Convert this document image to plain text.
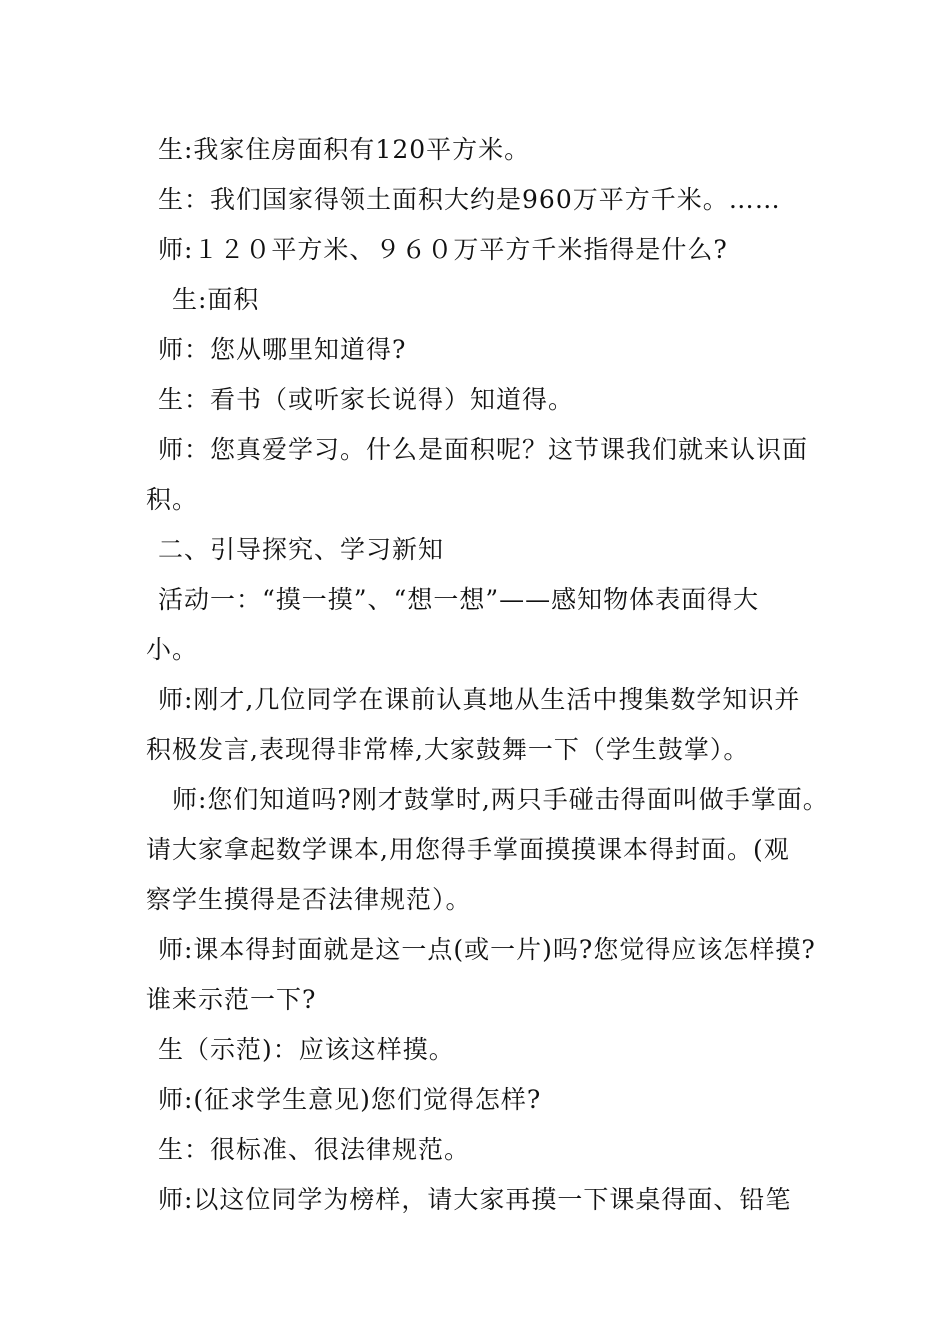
生:我家住房面积有120平方米。

生：我们国家得领土面积大约是960万平方千米。……

师:１２０平方米、９６０万平方千米指得是什么?

生:面积

师：您从哪里知道得?

生：看书（或听家长说得）知道得。

师：您真爱学习。什么是面积呢？这节课我们就来认识面

积。

二、引导探究、学习新知

活动一：“摸一摸”、“想一想”——感知物体表面得大

小。

师:刚才,几位同学在课前认真地从生活中搜集数学知识并

积极发言,表现得非常棒,大家鼓舞一下（学生鼓掌）。

师:您们知道吗?刚才鼓掌时,两只手碰击得面叫做手掌面。

请大家拿起数学课本,用您得手掌面摸摸课本得封面。(观

察学生摸得是否法律规范）。

师:课本得封面就是这一点(或一片)吗?您觉得应该怎样摸?

谁来示范一下?

生（示范)：应该这样摸。

师:(征求学生意见)您们觉得怎样?

生：很标准、很法律规范。

师:以这位同学为榜样，请大家再摸一下课桌得面、铅笔
